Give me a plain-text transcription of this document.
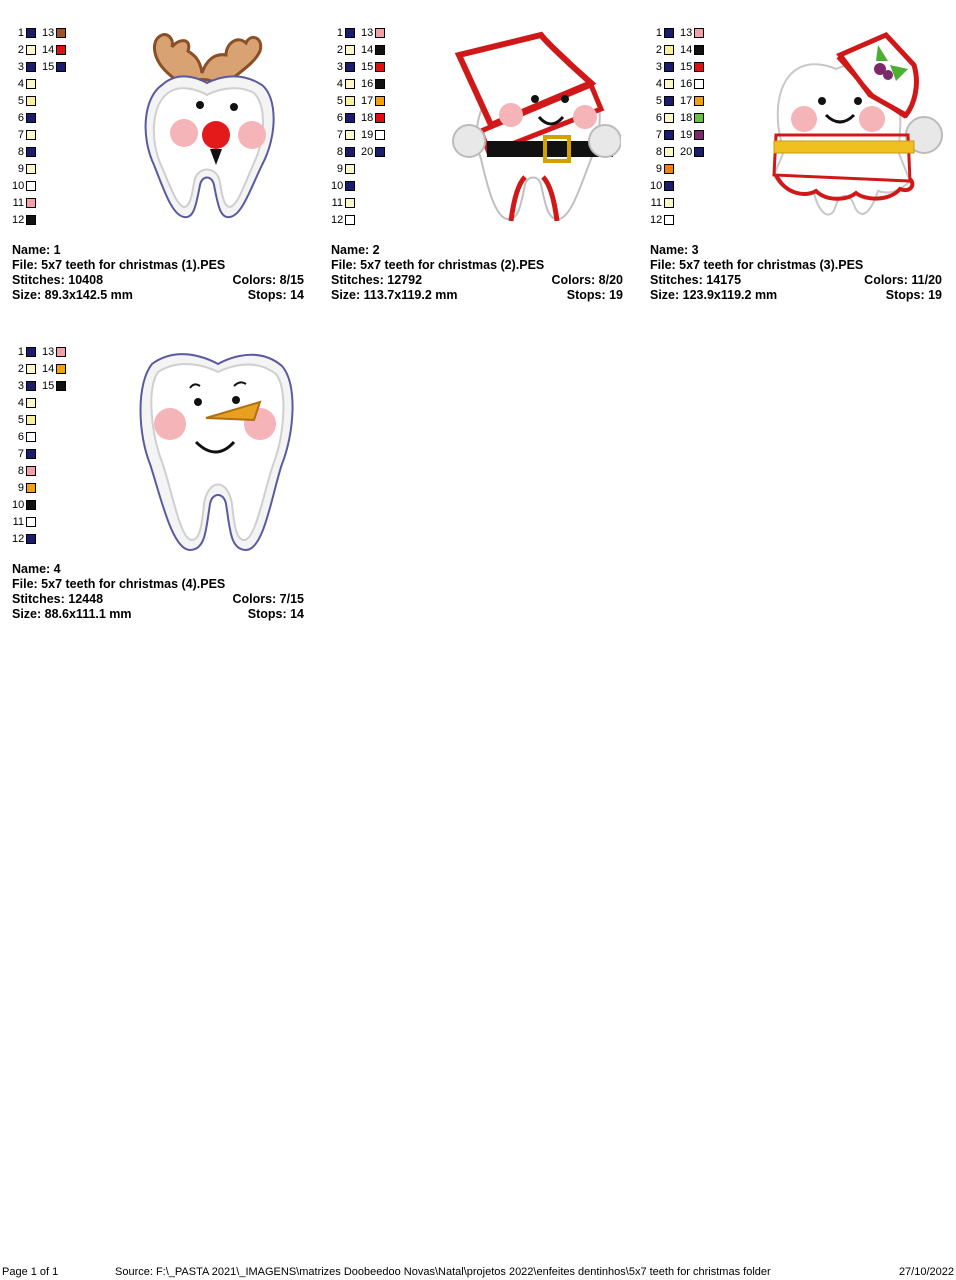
1
2
3
4
5
6
7
8
9
10
11
12
13
14
15
Name: 1
File: 5x7 teeth for christmas (1).PES
Stitches: 10408	Colors: 8/15
Size: 89.3x142.5 mm	Stops: 14
1
2
3
4
5
6
7
8
9
10
11
12
13
14
15
16
17
18
19
20
Name: 2
File: 5x7 teeth for christmas (2).PES
Stitches: 12792	Colors: 8/20
Size: 113.7x119.2 mm	Stops: 19
1
2
3
4
5
6
7
8
9
10
11
12
13
14
15
16
17
18
19
20
Name: 3
File: 5x7 teeth for christmas (3).PES
Stitches: 14175	Colors: 11/20
Size: 123.9x119.2 mm	Stops: 19
1
2
3
4
5
6
7
8
9
10
11
12
13
14
15
Name: 4
File: 5x7 teeth for christmas (4).PES
Stitches: 12448	Colors: 7/15
Size: 88.6x111.1 mm	Stops: 14
Page 1 of 1	Source: F:\_PASTA 2021\_IMAGENS\matrizes Doobeedoo Novas\Natal\projetos 2022\enfeites dentinhos\5x7 teeth for christmas folder	27/10/2022
